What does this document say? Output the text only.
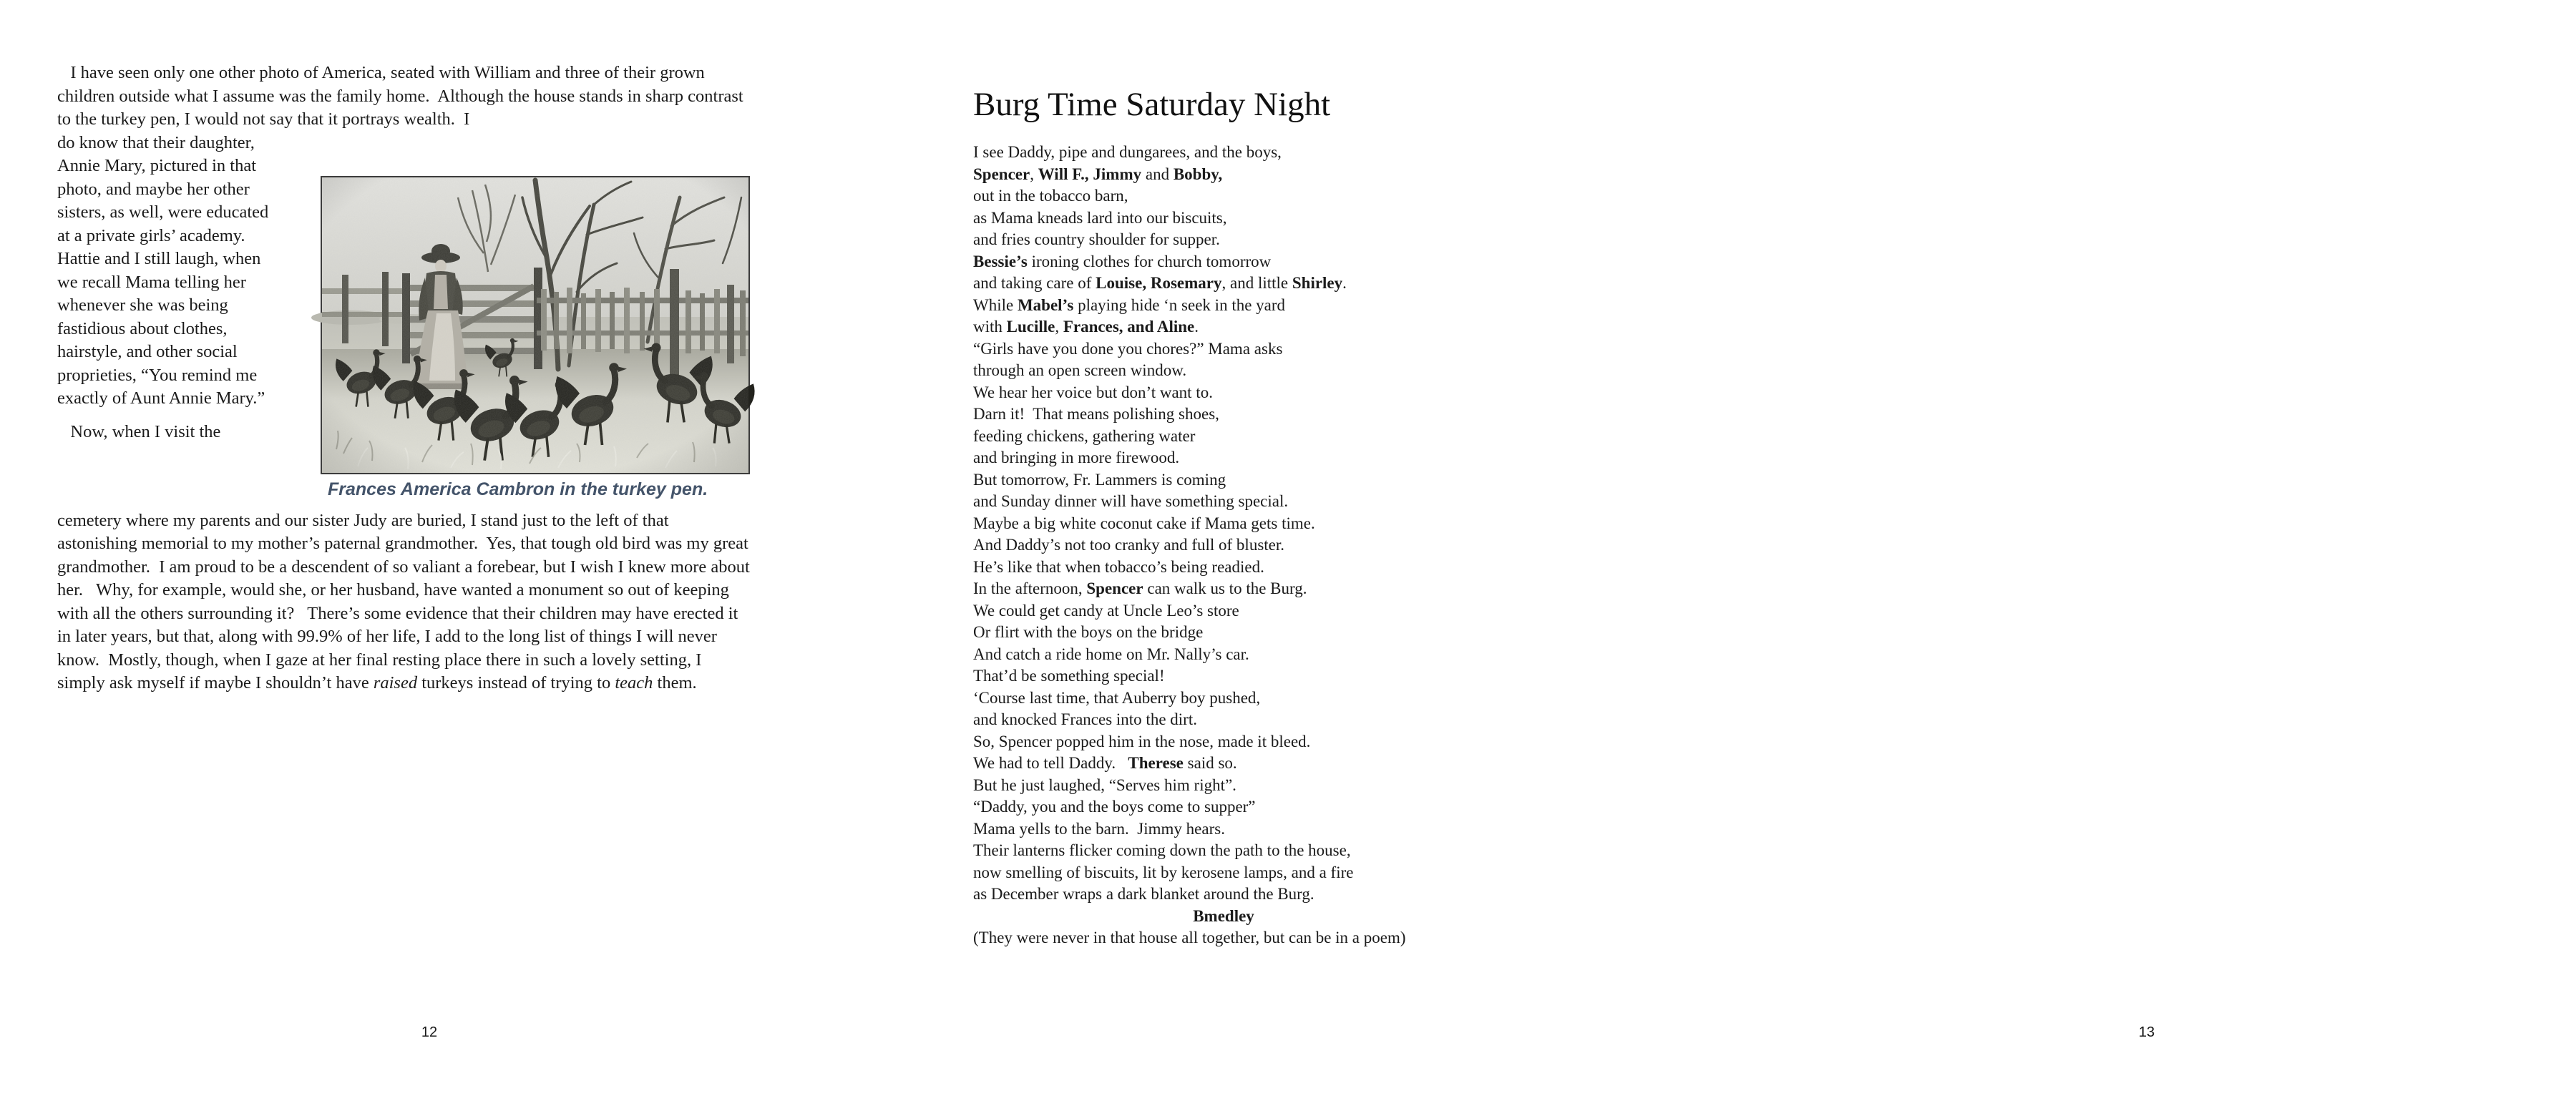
I have seen only one other photo of America, seated with William and three of their grown children outside what I assume was the family home.  Although the house stands in sharp contrast to the turkey pen, I would not say that it portrays wealth.  I

do know that their daughter, Annie Mary, pictured in that photo, and maybe her other sisters, as well, were educated at a private girls’ academy.   Hattie and I still laugh, when we recall Mama telling her whenever she was being fastidious about clothes, hairstyle, and other social proprieties, “You remind me exactly of Aunt Annie Mary.”

Now, when I visit the

Frances America Cambron in the turkey pen.

cemetery where my parents and our sister Judy are buried, I stand just to the left of that astonishing memorial to my mother’s paternal grandmother.  Yes, that tough old bird was my great grandmother.  I am proud to be a descendent of so valiant a forebear, but I wish I knew more about her.   Why, for example, would she, or her husband, have wanted a monument so out of keeping with all the others surrounding it?   There’s some evidence that their children may have erected it in later years, but that, along with 99.9% of her life, I add to the long list of things I will never know.  Mostly, though, when I gaze at her final resting place there in such a lovely setting, I simply ask myself if maybe I shouldn’t have raised turkeys instead of trying to teach them.

12
Burg Time Saturday Night
I see Daddy, pipe and dungarees, and the boys,
Spencer, Will F., Jimmy and Bobby,
out in the tobacco barn,
as Mama kneads lard into our biscuits,
and fries country shoulder for supper.
Bessie’s ironing clothes for church tomorrow
and taking care of Louise, Rosemary, and little Shirley.
While Mabel’s playing hide ‘n seek in the yard
with Lucille, Frances, and Aline.
“Girls have you done you chores?” Mama asks
through an open screen window.
We hear her voice but don’t want to.
Darn it!  That means polishing shoes,
feeding chickens, gathering water
and bringing in more firewood.
But tomorrow, Fr. Lammers is coming
and Sunday dinner will have something special.
Maybe a big white coconut cake if Mama gets time.
And Daddy’s not too cranky and full of bluster.
He’s like that when tobacco’s being readied.
In the afternoon, Spencer can walk us to the Burg.
We could get candy at Uncle Leo’s store
Or flirt with the boys on the bridge
And catch a ride home on Mr. Nally’s car.
That’d be something special!
‘Course last time, that Auberry boy pushed,
and knocked Frances into the dirt.
So, Spencer popped him in the nose, made it bleed.
We had to tell Daddy.   Therese said so.
But he just laughed, “Serves him right”.
“Daddy, you and the boys come to supper”
Mama yells to the barn.  Jimmy hears.
Their lanterns flicker coming down the path to the house,
now smelling of biscuits, lit by kerosene lamps, and a fire
as December wraps a dark blanket around the Burg.
Bmedley
(They were never in that house all together, but can be in a poem)
13
